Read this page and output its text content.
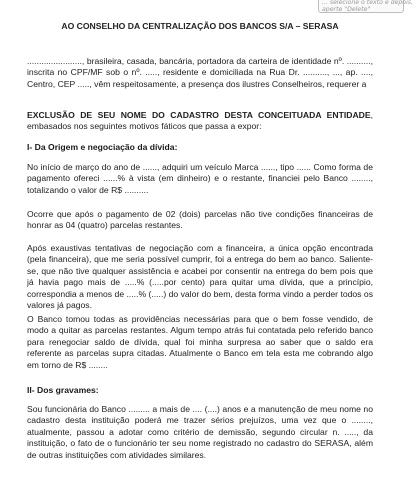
... selecione o texto e depois,
aperte "Delete"

AO CONSELHO DA CENTRALIZAÇÃO DOS BANCOS S/A – SERASA

......................., brasileira, casada, bancária, portadora da carteira de identidade nº. .........., inscrita no CPF/MF sob o nº. ....., residente e domiciliada na Rua Dr. .........., ..., ap. ...., Centro, CEP ....., vêm respeitosamente, a presença dos ilustres Conselheiros, requerer a

EXCLUSÃO DE SEU NOME DO CADASTRO DESTA CONCEITUADA ENTIDADE, embasados nos seguintes motivos fáticos que passa a expor:

I- Da Origem e negociação da dívida:

No início de março do ano de ......, adquiri um veículo Marca ......, tipo ...... Como forma de pagamento ofereci ......% à vista (em dinheiro) e o restante, financiei pelo Banco ........, totalizando o valor de R$ ..........

Ocorre que após o pagamento de 02 (dois) parcelas não tive condições financeiras de honrar as 04 (quatro) parcelas restantes.

Após exaustivas tentativas de negociação com a financeira, a única opção encontrada (pela financeira), que me seria possível cumprir, foi a entrega do bem ao banco. Saliente-se, que não tive qualquer assistência e acabei por consentir na entrega do bem pois que já havia pago mais de .....% (.....por cento) para quitar uma dívida, que a princípio, correspondia a menos de .....% (.....) do valor do bem, desta forma vindo a perder todos os valores já pagos.

O Banco tomou todas as providências necessárias para que o bem fosse vendido, de modo a quitar as parcelas restantes. Algum tempo atrás fui contatada pelo referido banco para renegociar saldo de dívida, qual foi minha surpresa ao saber que o saldo era referente as parcelas supra citadas. Atualmente o Banco em tela esta me cobrando algo em torno de R$ ........

II- Dos gravames:

Sou funcionária do Banco ......... a mais de .... (....) anos e a manutenção de meu nome no cadastro desta instituição poderá me trazer sérios prejuízos, uma vez que o ........, atualmente, passou a adotar como critério de demissão, segundo circular n. ....., da instituição, o fato de o funcionário ter seu nome registrado no cadastro do SERASA, além de outras instituições com atividades similares.
